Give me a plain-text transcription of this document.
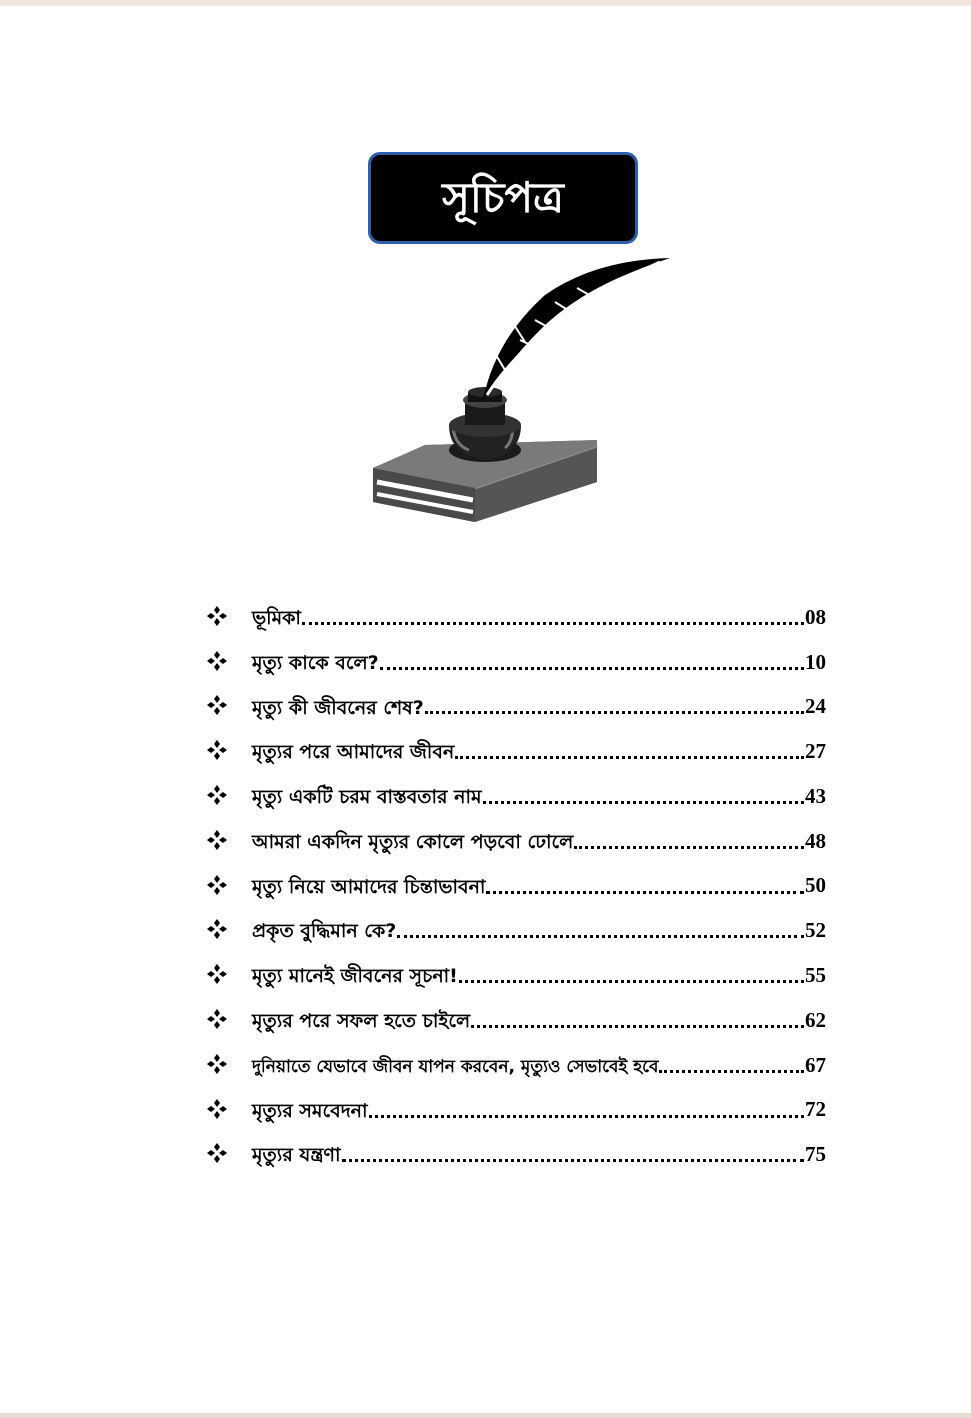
সূচিপত্র
ভূমিকা	08
মৃত্যু কাকে বলে?	10
মৃত্যু কী জীবনের শেষ?	24
মৃত্যুর পরে আমাদের জীবন	27
মৃত্যু একটি চরম বাস্তবতার নাম	43
আমরা একদিন মৃত্যুর কোলে পড়বো ঢোলে	48
মৃত্যু নিয়ে আমাদের চিন্তাভাবনা	50
প্রকৃত বুদ্ধিমান কে?	52
মৃত্যু মানেই জীবনের সূচনা!	55
মৃত্যুর পরে সফল হতে চাইলে	62
দুনিয়াতে যেভাবে জীবন যাপন করবেন, মৃত্যুও সেভাবেই হবে	67
মৃত্যুর সমবেদনা	72
মৃত্যুর যন্ত্রণা	75
